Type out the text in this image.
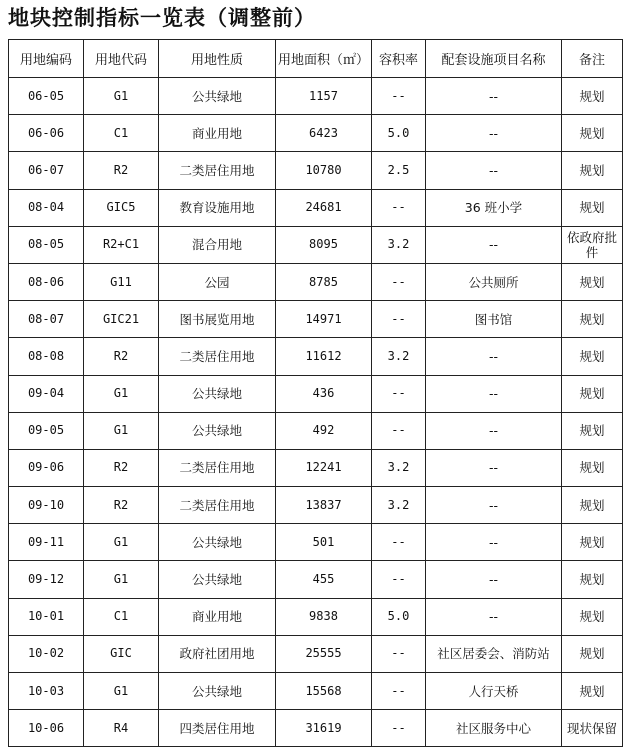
地块控制指标一览表（调整前）
用地编码	用地代码	用地性质	用地面积（㎡）	容积率	配套设施项目名称	备注
06-05	G1	公共绿地	1157	--	--	规划
06-06	C1	商业用地	6423	5.0	--	规划
06-07	R2	二类居住用地	10780	2.5	--	规划
08-04	GIC5	教育设施用地	24681	--	36 班小学	规划
08-05	R2+C1	混合用地	8095	3.2	--	依政府批件
08-06	G11	公园	8785	--	公共厕所	规划
08-07	GIC21	图书展览用地	14971	--	图书馆	规划
08-08	R2	二类居住用地	11612	3.2	--	规划
09-04	G1	公共绿地	436	--	--	规划
09-05	G1	公共绿地	492	--	--	规划
09-06	R2	二类居住用地	12241	3.2	--	规划
09-10	R2	二类居住用地	13837	3.2	--	规划
09-11	G1	公共绿地	501	--	--	规划
09-12	G1	公共绿地	455	--	--	规划
10-01	C1	商业用地	9838	5.0	--	规划
10-02	GIC	政府社团用地	25555	--	社区居委会、消防站	规划
10-03	G1	公共绿地	15568	--	人行天桥	规划
10-06	R4	四类居住用地	31619	--	社区服务中心	现状保留
